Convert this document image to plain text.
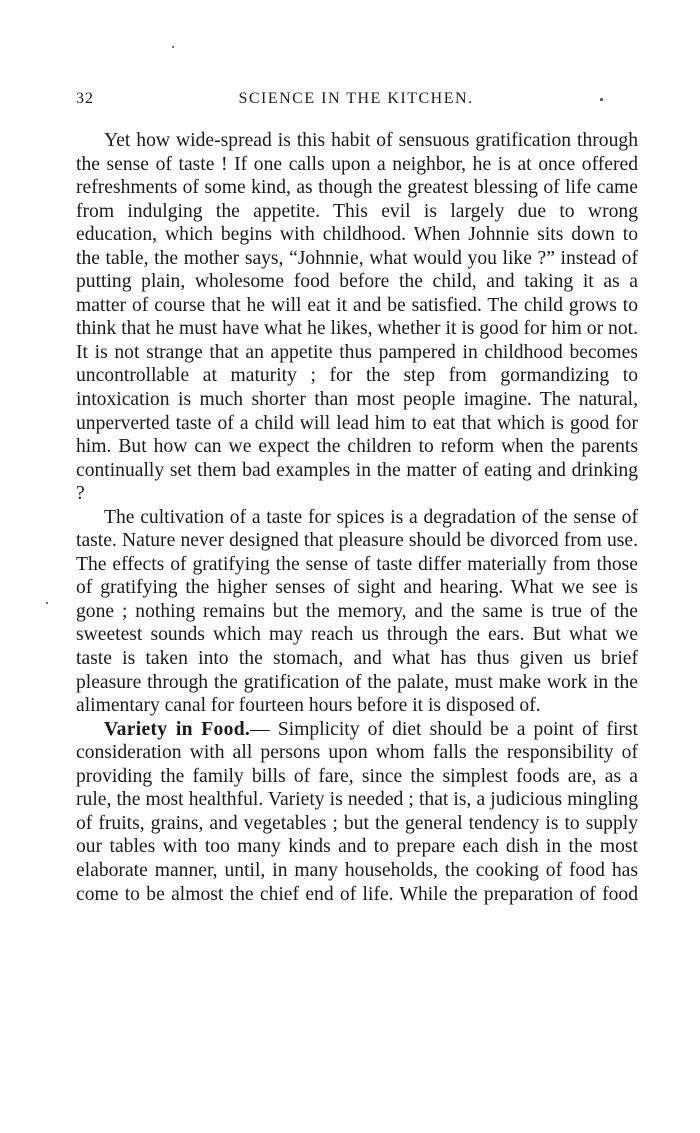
32	SCIENCE IN THE KITCHEN.

Yet how wide-spread is this habit of sensuous gratification through the sense of taste ! If one calls upon a neighbor, he is at once offered refreshments of some kind, as though the greatest blessing of life came from indulging the appetite. This evil is largely due to wrong education, which begins with childhood. When Johnnie sits down to the table, the mother says, “Johnnie, what would you like ?” instead of putting plain, wholesome food before the child, and taking it as a matter of course that he will eat it and be satisfied. The child grows to think that he must have what he likes, whether it is good for him or not. It is not strange that an appetite thus pampered in childhood becomes uncontrollable at maturity ; for the step from gormandizing to intoxication is much shorter than most people imagine. The natural, unperverted taste of a child will lead him to eat that which is good for him. But how can we expect the children to reform when the parents continually set them bad examples in the matter of eating and drinking ?

The cultivation of a taste for spices is a degradation of the sense of taste. Nature never designed that pleasure should be divorced from use. The effects of gratifying the sense of taste differ materially from those of gratifying the higher senses of sight and hearing. What we see is gone ; nothing remains but the memory, and the same is true of the sweetest sounds which may reach us through the ears. But what we taste is taken into the stomach, and what has thus given us brief pleasure through the gratification of the palate, must make work in the alimentary canal for fourteen hours before it is disposed of.

Variety in Food.— Simplicity of diet should be a point of first consideration with all persons upon whom falls the responsibility of providing the family bills of fare, since the simplest foods are, as a rule, the most healthful. Variety is needed ; that is, a judicious mingling of fruits, grains, and vegetables ; but the general tendency is to supply our tables with too many kinds and to prepare each dish in the most elaborate manner, until, in many households, the cooking of food has come to be almost the chief end of life. While the preparation of food
